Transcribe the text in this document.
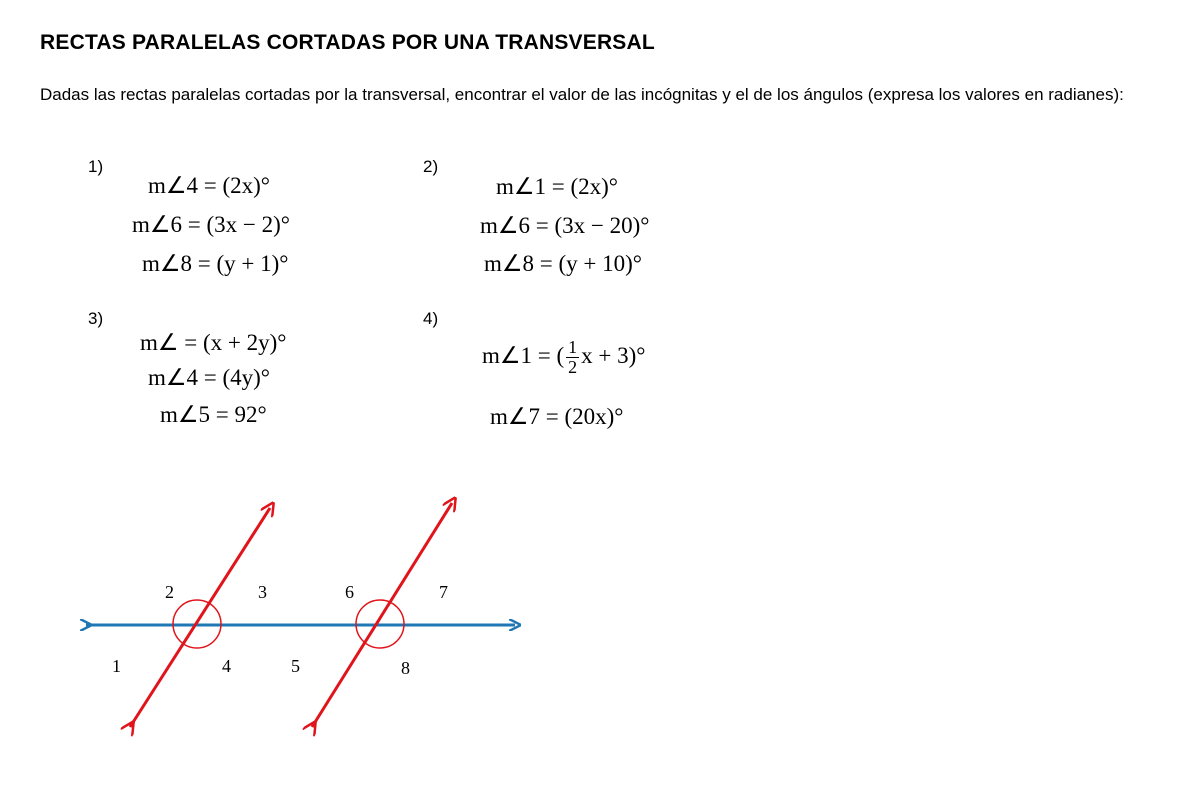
RECTAS PARALELAS CORTADAS POR UNA TRANSVERSAL
Dadas las rectas paralelas cortadas por la transversal, encontrar el valor de las incógnitas y el de los ángulos (expresa los valores en radianes):
1)
m∠4 = (2x)°
m∠6 = (3x − 2)°
m∠8 = (y + 1)°
2)
m∠1 = (2x)°
m∠6 = (3x − 20)°
m∠8 = (y + 10)°
3)
m∠ = (x + 2y)°
m∠4 = (4y)°
m∠5 = 92°
4)
m∠1 = ( $\frac{1}{2}$ x + 3)°
m∠7 = (20x)°
1
2	3
4	5
6	7
8
